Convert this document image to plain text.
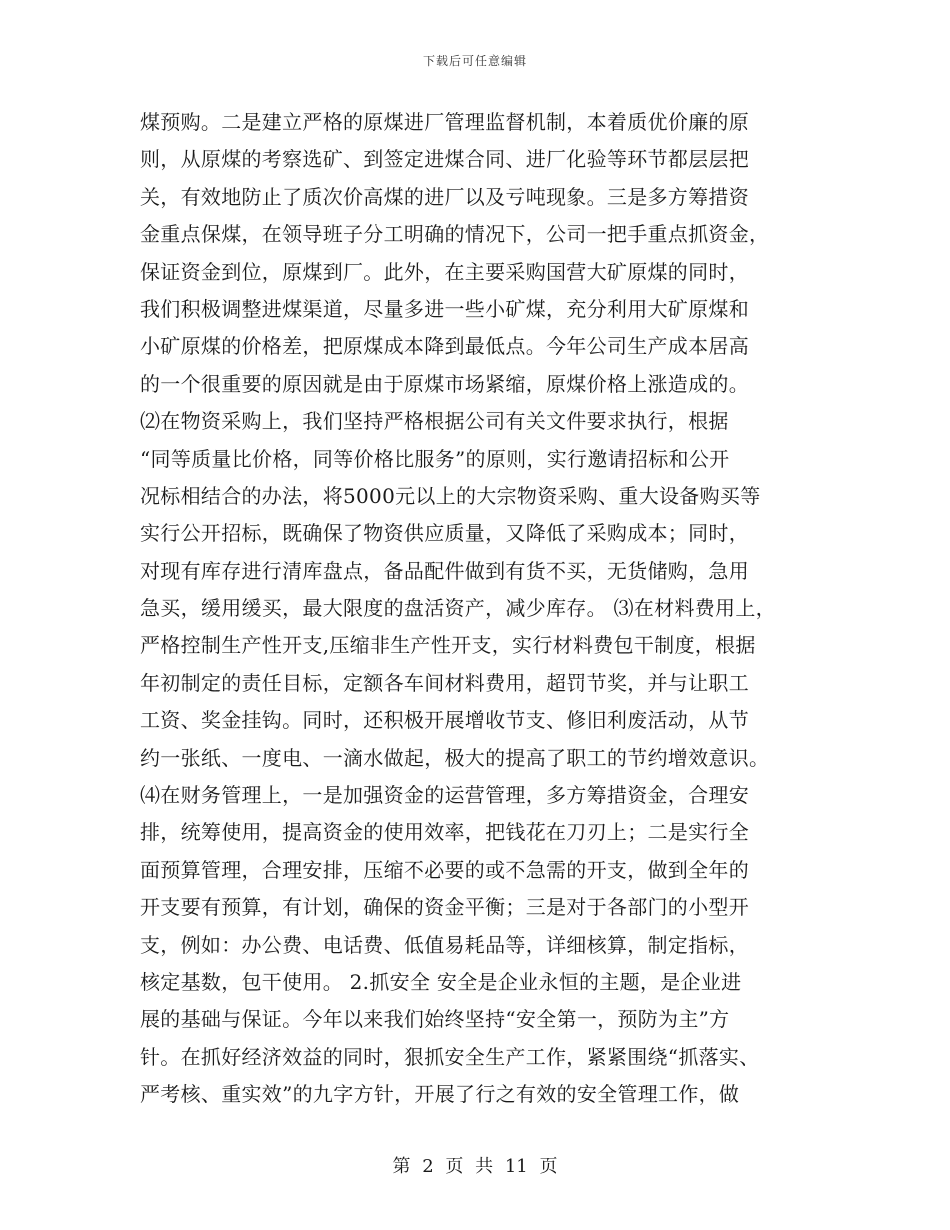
下载后可任意编辑
煤预购。二是建立严格的原煤进厂管理监督机制，本着质优价廉的原
则，从原煤的考察选矿、到签定进煤合同、进厂化验等环节都层层把
关，有效地防止了质次价高煤的进厂以及亏吨现象。三是多方筹措资
金重点保煤，在领导班子分工明确的情况下，公司一把手重点抓资金，
保证资金到位，原煤到厂。此外，在主要采购国营大矿原煤的同时，
我们积极调整进煤渠道，尽量多进一些小矿煤，充分利用大矿原煤和
小矿原煤的价格差，把原煤成本降到最低点。今年公司生产成本居高
的一个很重要的原因就是由于原煤市场紧缩，原煤价格上涨造成的。
⑵在物资采购上，我们坚持严格根据公司有关文件要求执行，根据
“同等质量比价格，同等价格比服务”的原则，实行邀请招标和公开
况标相结合的办法，将5000元以上的大宗物资采购、重大设备购买等
实行公开招标，既确保了物资供应质量，又降低了采购成本；同时，
对现有库存进行清库盘点，备品配件做到有货不买，无货储购，急用
急买，缓用缓买，最大限度的盘活资产，减少库存。 ⑶在材料费用上，
严格控制生产性开支,压缩非生产性开支，实行材料费包干制度，根据
年初制定的责任目标，定额各车间材料费用，超罚节奖，并与让职工
工资、奖金挂钩。同时，还积极开展增收节支、修旧利废活动，从节
约一张纸、一度电、一滴水做起，极大的提高了职工的节约增效意识。
⑷在财务管理上，一是加强资金的运营管理，多方筹措资金，合理安
排，统筹使用，提高资金的使用效率，把钱花在刀刃上；二是实行全
面预算管理，合理安排，压缩不必要的或不急需的开支，做到全年的
开支要有预算，有计划，确保的资金平衡；三是对于各部门的小型开
支，例如：办公费、电话费、低值易耗品等，详细核算，制定指标，
核定基数，包干使用。 2.抓安全 安全是企业永恒的主题，是企业进
展的基础与保证。今年以来我们始终坚持“安全第一，预防为主”方
针。在抓好经济效益的同时，狠抓安全生产工作，紧紧围绕“抓落实、
严考核、重实效”的九字方针，开展了行之有效的安全管理工作，做
第 2 页 共 11 页
